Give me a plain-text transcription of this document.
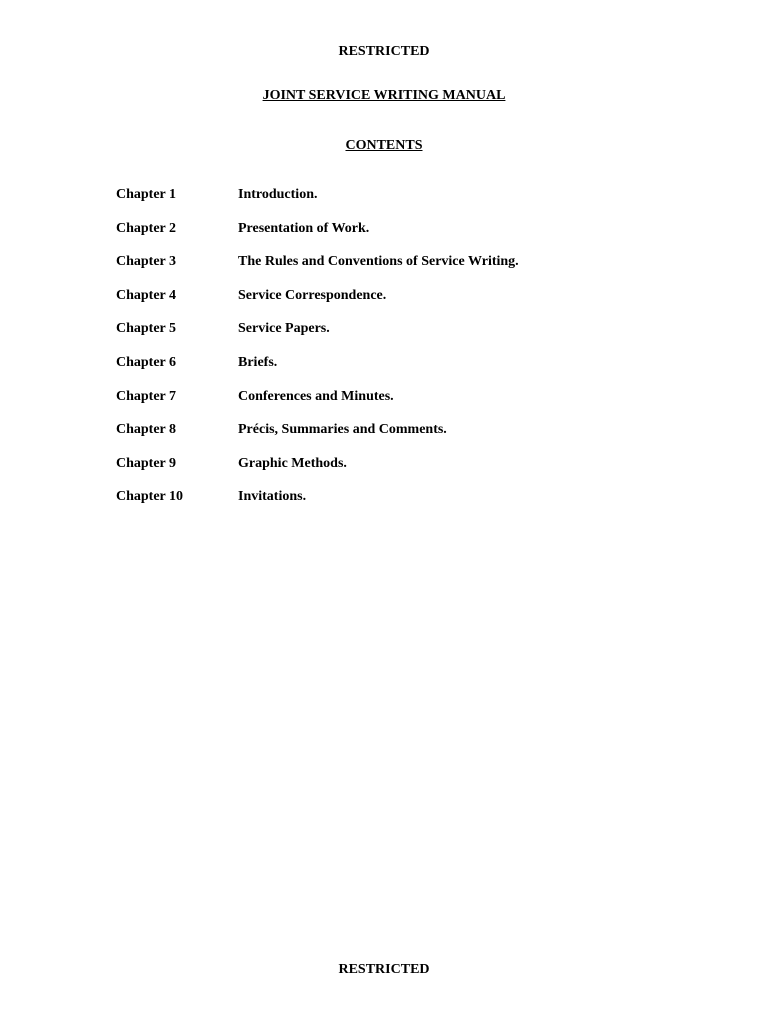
RESTRICTED
JOINT SERVICE WRITING MANUAL
CONTENTS
Chapter 1	Introduction.
Chapter 2	Presentation of Work.
Chapter 3	The Rules and Conventions of Service Writing.
Chapter 4	Service Correspondence.
Chapter 5	Service Papers.
Chapter 6	Briefs.
Chapter 7	Conferences and Minutes.
Chapter 8	Précis, Summaries and Comments.
Chapter 9	Graphic Methods.
Chapter 10	Invitations.
RESTRICTED
